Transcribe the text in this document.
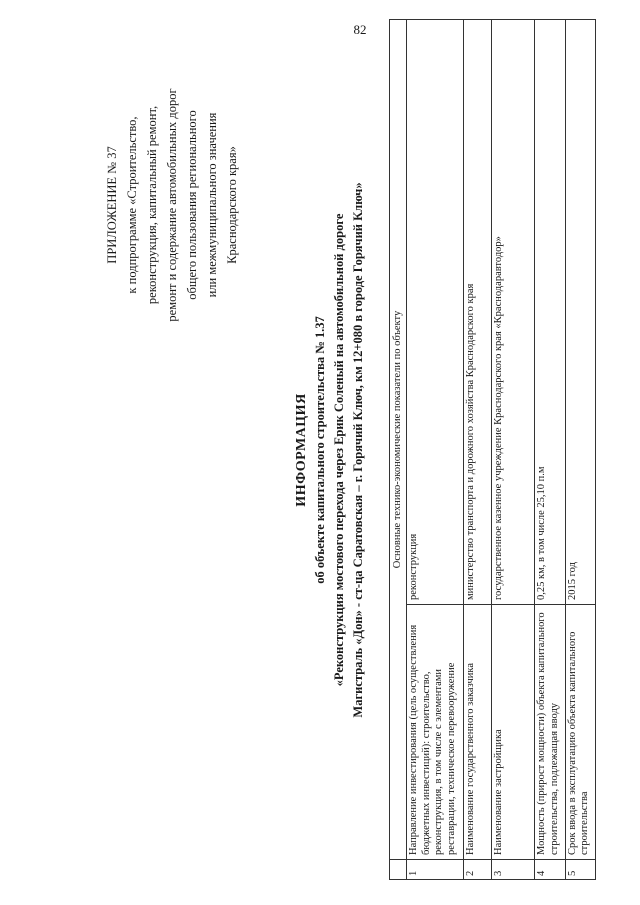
82
ПРИЛОЖЕНИЕ № 37 к подпрограмме «Строительство, реконструкция, капитальный ремонт, ремонт и содержание автомобильных дорог общего пользования регионального или межмуниципального значения Краснодарского края»
ИНФОРМАЦИЯ об объекте капитального строительства № 1.37 «Реконструкция мостового перехода через Ерик Соленый на автомобильной дороге Магистраль «Дон» - ст-ца Саратовская – г. Горячий Ключ, км 12+080 в городе Горячий Ключ»
		Основные технико-экономические показатели по объекту	
1	Направление инвестирования (цель осуществления бюджетных инвестиций): строительство, реконструкция, в том числе с элементами реставрации, техническое перевооружение	реконструкция
2	Наименование государственного заказчика	министерство транспорта и дорожного хозяйства Краснодарского края
3	Наименование застройщика	государственное казенное учреждение Краснодарского края «Краснодаравтодор»
4	Мощность (прирост мощности) объекта капитального строительства, подлежащая вводу	0,25 км, в том числе 25,10 п.м
5	Срок ввода в эксплуатацию объекта капитального строительства	2015 год
